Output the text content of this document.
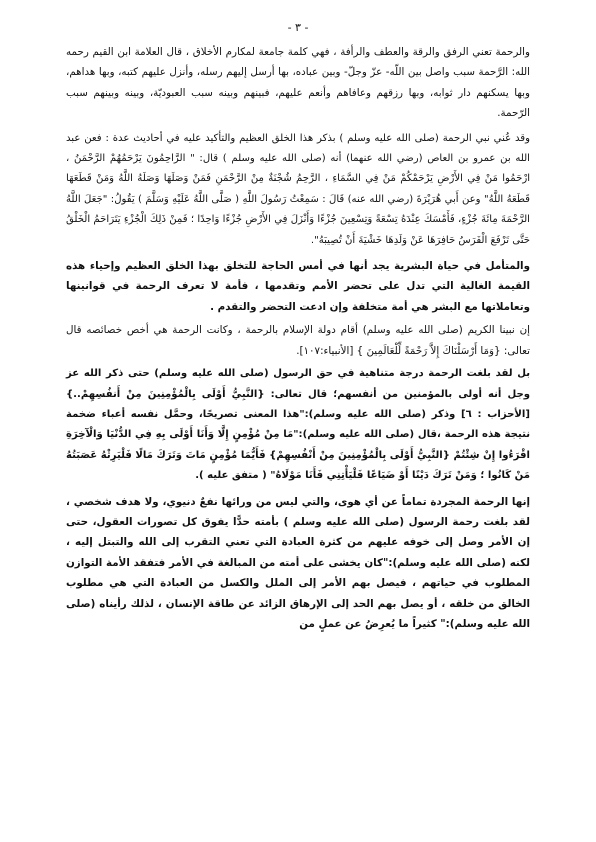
- ٣ -

والرحمة تعني الرفق والرقة والعطف والرأفة ، فهي كلمة جامعة لمكارم الأخلاق ، قال العلامة ابن القيم رحمه الله: الرَّحمة سبب واصل بين اللّه- عزّ وجلّ- وبين عباده، بها أرسل إليهم رسله، وأنزل عليهم كتبه، وبها هداهم، وبها يسكنهم دار ثوابه، وبها رزقهم وعافاهم وأنعم عليهم، فبينهم وبينه سبب العبوديّة، وبينه وبينهم سبب الرّحمة.

وقد عُني نبي الرحمة (صلى الله عليه وسلم ) بذكر هذا الخلق العظيم والتأكيد عليه في أحاديث عدة : فعن عبد الله بن عمرو بن العاص (رضي الله عنهما) أنه (صلى الله عليه وسلم ) قال: " الرَّاحِمُونَ يَرْحَمُهُمْ الرَّحْمَنُ ، ارْحَمُوا مَنْ فِي الأَرْضِ يَرْحَمْكُمْ مَنْ فِي السَّمَاءِ ، الرَّحِمُ شُجْنَةٌ مِنْ الرَّحْمَنِ فَمَنْ وَصَلَهَا وَصَلَهُ اللَّهُ وَمَنْ قَطَعَهَا قَطَعَهُ اللَّهُ" وعن أَبي هُرَيْرَةَ (رضي الله عنه) قَالَ : سَمِعْتُ رَسُولَ اللَّهِ ( صَلَّى اللَّهُ عَلَيْهِ وَسَلَّمَ ) يَقُولُ: "جَعَلَ اللَّهُ الرَّحْمَةَ مِائَةَ جُزْءٍ، فَأَمْسَكَ عِنْدَهُ تِسْعَةً وَتِسْعِينَ جُزْءًا وَأَنْزَلَ فِي الأَرْضِ جُزْءًا وَاحِدًا ؛ فَمِنْ ذَلِكَ الْجُزْءِ يَتَرَاحَمُ الْخَلْقُ حَتَّى تَرْفَعَ الْفَرَسُ حَافِرَهَا عَنْ وَلَدِهَا خَشْيَةَ أَنْ تُصِيبَهُ".

والمتأمل في حياة البشرية يجد أنها في أمس الحاجة للتخلق بهذا الخلق العظيم وإحياء هذه القيمة الغالية التي تدل على تحضر الأمم وتقدمها ، فأمة لا تعرف الرحمة في قوانينها وتعاملاتها مع البشر هي أمة متخلفة وإن ادعت التحضر والتقدم .

إن نبينا الكريم (صلى الله عليه وسلم) أقام دولة الإسلام بالرحمة ، وكانت الرحمة هي أخص خصائصه قال تعالى: {وَمَا أَرْسَلْنَاكَ إِلاَّ رَحْمَةً لِّلْعَالَمِينَ } [الأنبياء:١٠٧].

بل لقد بلغت الرحمة درجة متناهية في حق الرسول (صلى الله عليه وسلم) حتى ذكر الله عز وجل أنه أولى بالمؤمنين من أنفسهم؛ قال تعالى: {النَّبِيُّ أَوْلَى بِالْمُؤْمِنِينَ مِنْ أَنفُسِهِمْ..}[الأحزاب : ٦] وذكر (صلى الله عليه وسلم):"هذا المعنى تصريحًا، وحمَّل نفسه أعباء ضخمة نتيجة هذه الرحمة ،قال (صلى الله عليه وسلم):"مَا مِنْ مُؤْمِنٍ إِلَّا وَأَنَا أَوْلَى بِهِ فِي الدُّنْيَا وَالْآخِرَةِ اقْرَءُوا إِنْ شِئْتُمْ {النَّبِيُّ أَوْلَى بِالْمُؤْمِنِينَ مِنْ أَنْفُسِهِمْ} فَأَيُّمَا مُؤْمِنٍ مَاتَ وَتَرَكَ مَالًا فَلْيَرِثْهُ عَصَبَتُهُ مَنْ كَانُوا ؛ وَمَنْ تَرَكَ دَيْنًا أَوْ ضَيَاعًا فَلْيَأْتِنِي فَأَنَا مَوْلَاهُ" ( متفق عليه ).

إنها الرحمة المجردة تماماً عن أي هوى، والتي ليس من ورائها نفعٌ دنيوي، ولا هدف شخصي ، لقد بلغت رحمة الرسول (صلى الله عليه وسلم ) بأمته حدًّا يفوق كل تصورات العقول، حتى إن الأمر وصل إلى خوفه عليهم من كثرة العبادة التي تعني التقرب إلى الله والتبتل إليه ، لكنه (صلى الله عليه وسلم):"كان يخشى على أمته من المبالغة في الأمر فتفقد الأمة التوازن المطلوب في حياتهم ، فيصل بهم الأمر إلى الملل والكسل من العبادة التي هي مطلوب الخالق من خلقه ، أو يصل بهم الحد إلى الإرهاق الزائد عن طاقة الإنسان ، لذلك رأيناه (صلى الله عليه وسلم):" كثيراً ما يُعرِضُ عن عملٍ من
